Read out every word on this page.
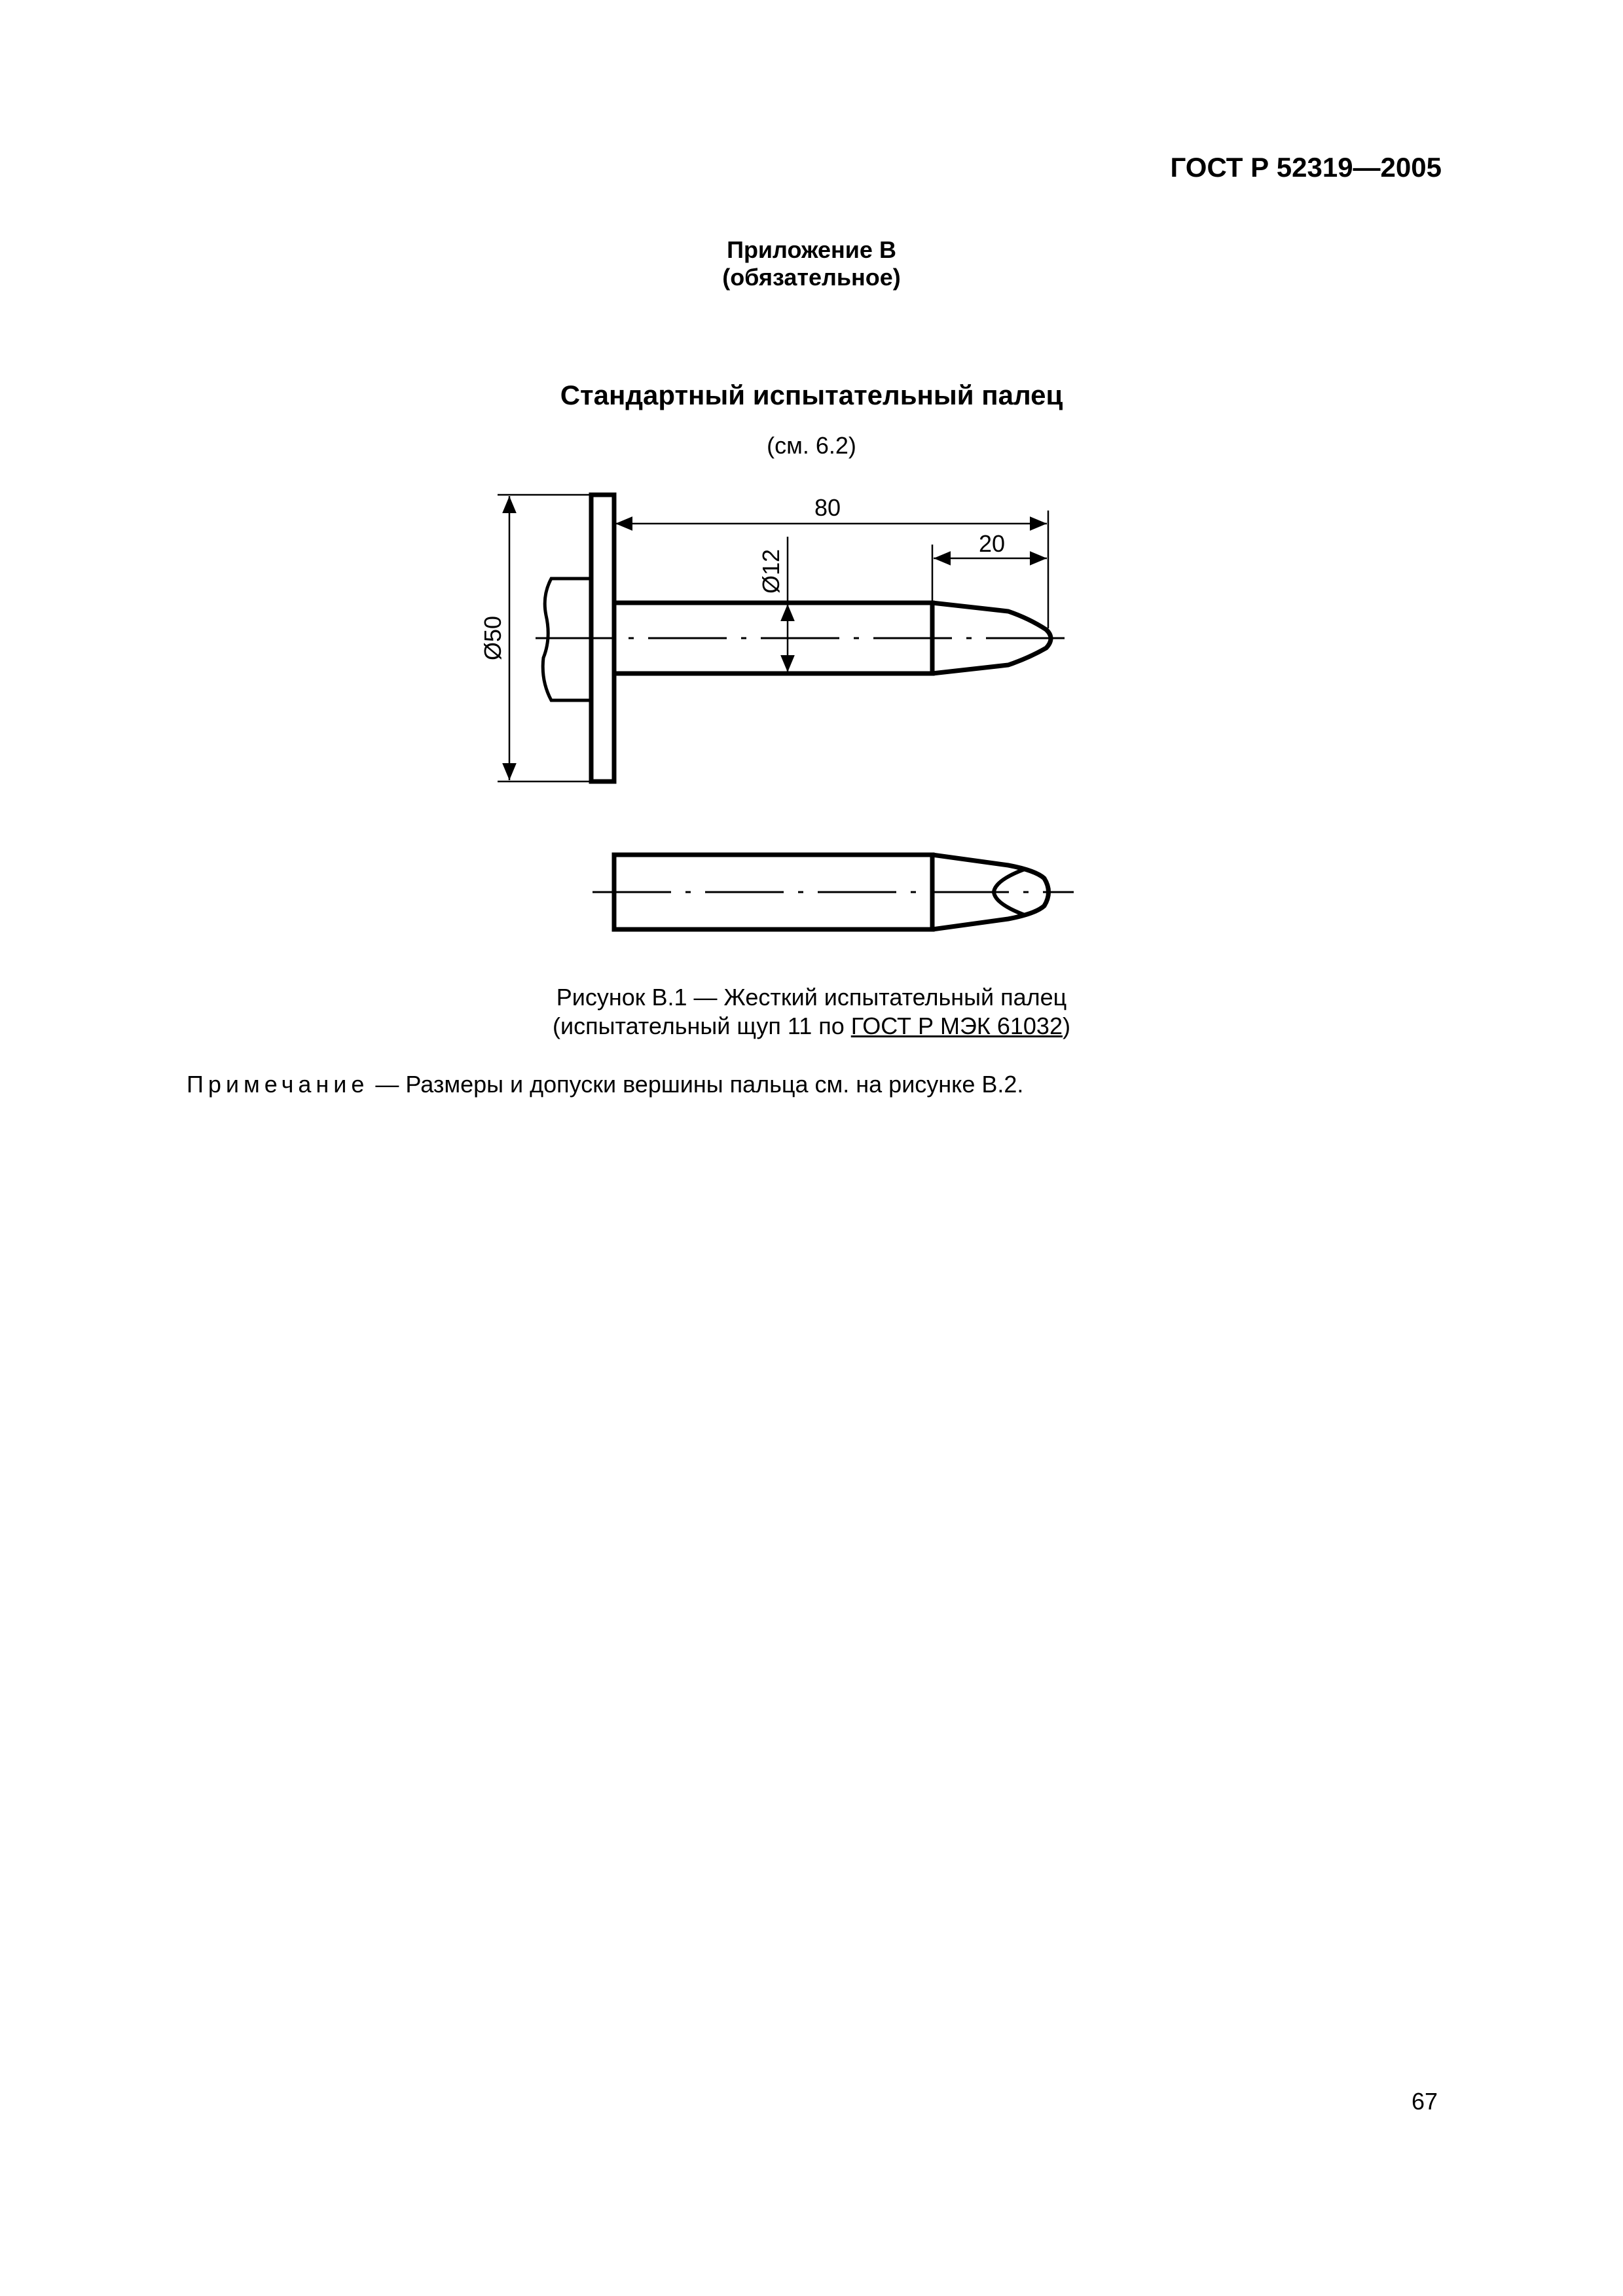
ГОСТ Р 52319—2005
Приложение В
(обязательное)
Стандартный испытательный палец
(см. 6.2)
80
20
Ø50
Ø12
Рисунок В.1 — Жесткий испытательный палец
(испытательный щуп 11 по ГОСТ Р МЭК 61032)
Примечание — Размеры и допуски вершины пальца см. на рисунке В.2.
67
